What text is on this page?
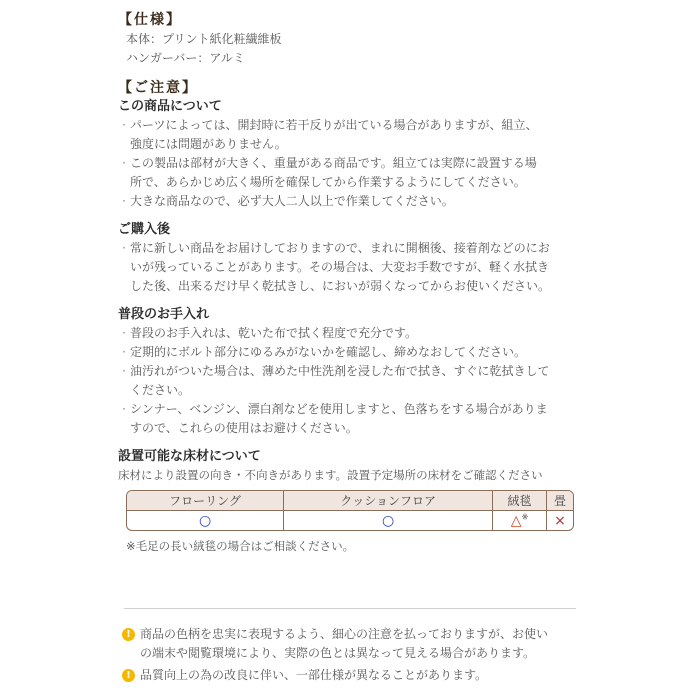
【仕様】
本体：プリント紙化粧繊維板
ハンガーバー：アルミ
【ご注意】
この商品について
· パーツによっては、開封時に若干反りが出ている場合がありますが、組立、
強度には問題がありません。
· この製品は部材が大きく、重量がある商品です。組立ては実際に設置する場
所で、あらかじめ広く場所を確保してから作業するようにしてください。
· 大きな商品なので、必ず大人二人以上で作業してください。
ご購入後
· 常に新しい商品をお届けしておりますので、まれに開梱後、接着剤などのにお
いが残っていることがあります。その場合は、大変お手数ですが、軽く水拭き
した後、出来るだけ早く乾拭きし、においが弱くなってからお使いください。
普段のお手入れ
· 普段のお手入れは、乾いた布で拭く程度で充分です。
· 定期的にボルト部分にゆるみがないかを確認し、締めなおしてください。
· 油汚れがついた場合は、薄めた中性洗剤を浸した布で拭き、すぐに乾拭きして
ください。
· シンナー、ベンジン、漂白剤などを使用しますと、色落ちをする場合がありま
すので、これらの使用はお避けください。
設置可能な床材について
床材により設置の向き・不向きがあります。設置予定場所の床材をご確認ください
フローリング	クッションフロア	絨毯	畳
○	○	△※	×
※毛足の長い絨毯の場合はご相談ください。
! 商品の色柄を忠実に表現するよう、細心の注意を払っておりますが、お使い
の端末や閲覧環境により、実際の色とは異なって見える場合があります。
! 品質向上の為の改良に伴い、一部仕様が異なることがあります。
